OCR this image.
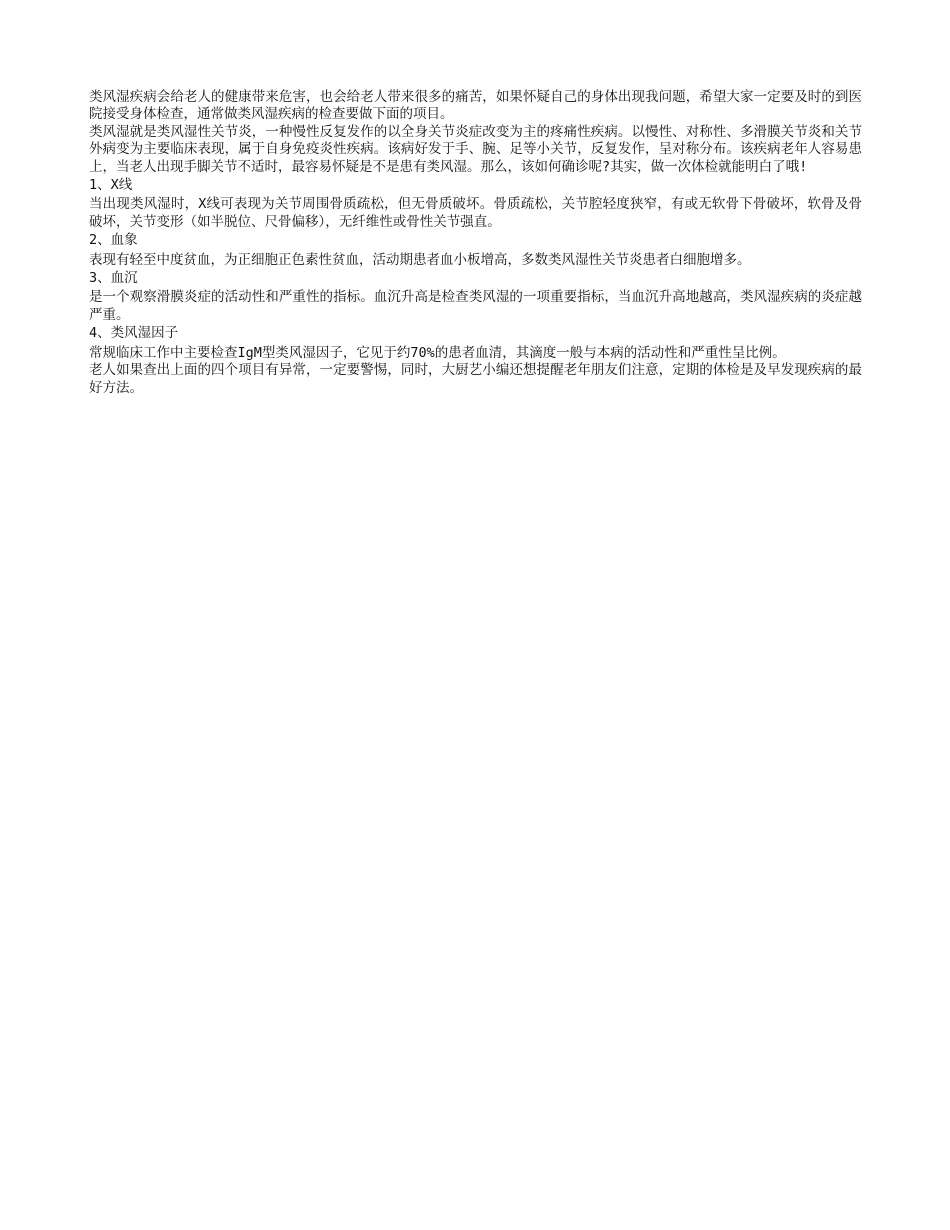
类风湿疾病会给老人的健康带来危害，也会给老人带来很多的痛苦，如果怀疑自己的身体出现我问题，希望大家一定要及时的到医院接受身体检查，通常做类风湿疾病的检查要做下面的项目。

类风湿就是类风湿性关节炎，一种慢性反复发作的以全身关节炎症改变为主的疼痛性疾病。以慢性、对称性、多滑膜关节炎和关节外病变为主要临床表现，属于自身免疫炎性疾病。该病好发于手、腕、足等小关节，反复发作，呈对称分布。该疾病老年人容易患上，当老人出现手脚关节不适时，最容易怀疑是不是患有类风湿。那么，该如何确诊呢?其实，做一次体检就能明白了哦!

1、X线

当出现类风湿时，X线可表现为关节周围骨质疏松，但无骨质破坏。骨质疏松，关节腔轻度狭窄，有或无软骨下骨破坏，软骨及骨破坏，关节变形（如半脱位、尺骨偏移），无纤维性或骨性关节强直。

2、血象

表现有轻至中度贫血，为正细胞正色素性贫血，活动期患者血小板增高，多数类风湿性关节炎患者白细胞增多。

3、血沉

是一个观察滑膜炎症的活动性和严重性的指标。血沉升高是检查类风湿的一项重要指标，当血沉升高地越高，类风湿疾病的炎症越严重。

4、类风湿因子

常规临床工作中主要检查IgM型类风湿因子，它见于约70%的患者血清，其滴度一般与本病的活动性和严重性呈比例。

老人如果查出上面的四个项目有异常，一定要警惕，同时，大厨艺小编还想提醒老年朋友们注意，定期的体检是及早发现疾病的最好方法。
